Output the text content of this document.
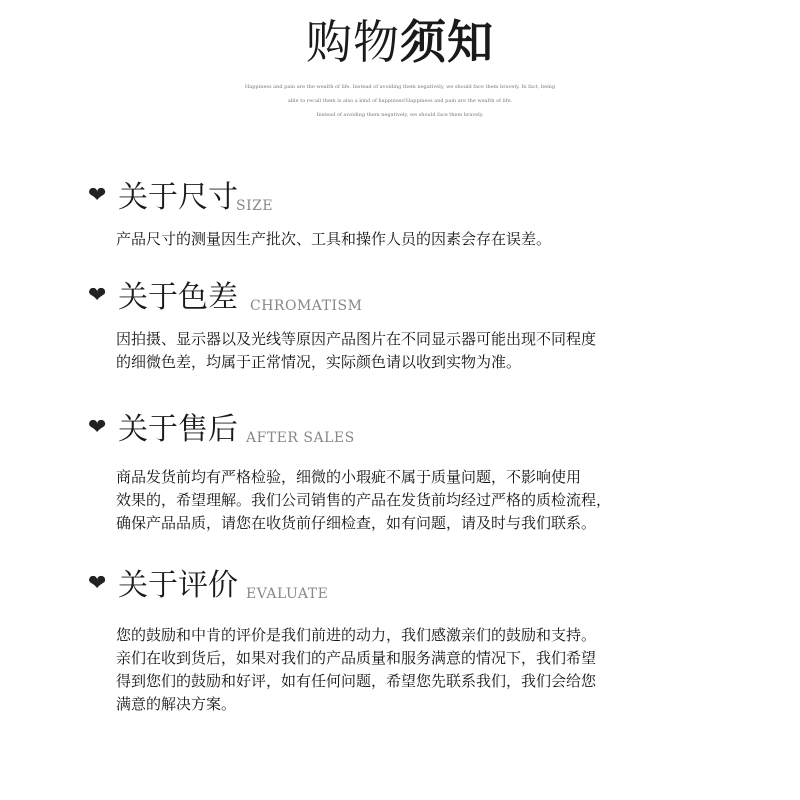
购物须知
Happiness and pain are the wealth of life. Instead of avoiding them negatively, we should face them bravely. In fact, being
able to recall them is also a kind of happiness!Happiness and pain are the wealth of life.
Instead of avoiding them negatively, we should face them bravely.
❤ 关于尺寸
SIZE
产品尺寸的测量因生产批次、工具和操作人员的因素会存在误差。
❤ 关于色差 CHROMATISM
因拍摄、显示器以及光线等原因产品图片在不同显示器可能出现不同程度
的细微色差，均属于正常情况，实际颜色请以收到实物为准。
❤ 关于售后 AFTER SALES
商品发货前均有严格检验，细微的小瑕疵不属于质量问题，不影响使用
效果的，希望理解。我们公司销售的产品在发货前均经过严格的质检流程，
确保产品品质，请您在收货前仔细检查，如有问题，请及时与我们联系。
❤ 关于评价 EVALUATE
您的鼓励和中肯的评价是我们前进的动力，我们感激亲们的鼓励和支持。
亲们在收到货后，如果对我们的产品质量和服务满意的情况下，我们希望
得到您们的鼓励和好评，如有任何问题，希望您先联系我们，我们会给您
满意的解决方案。
